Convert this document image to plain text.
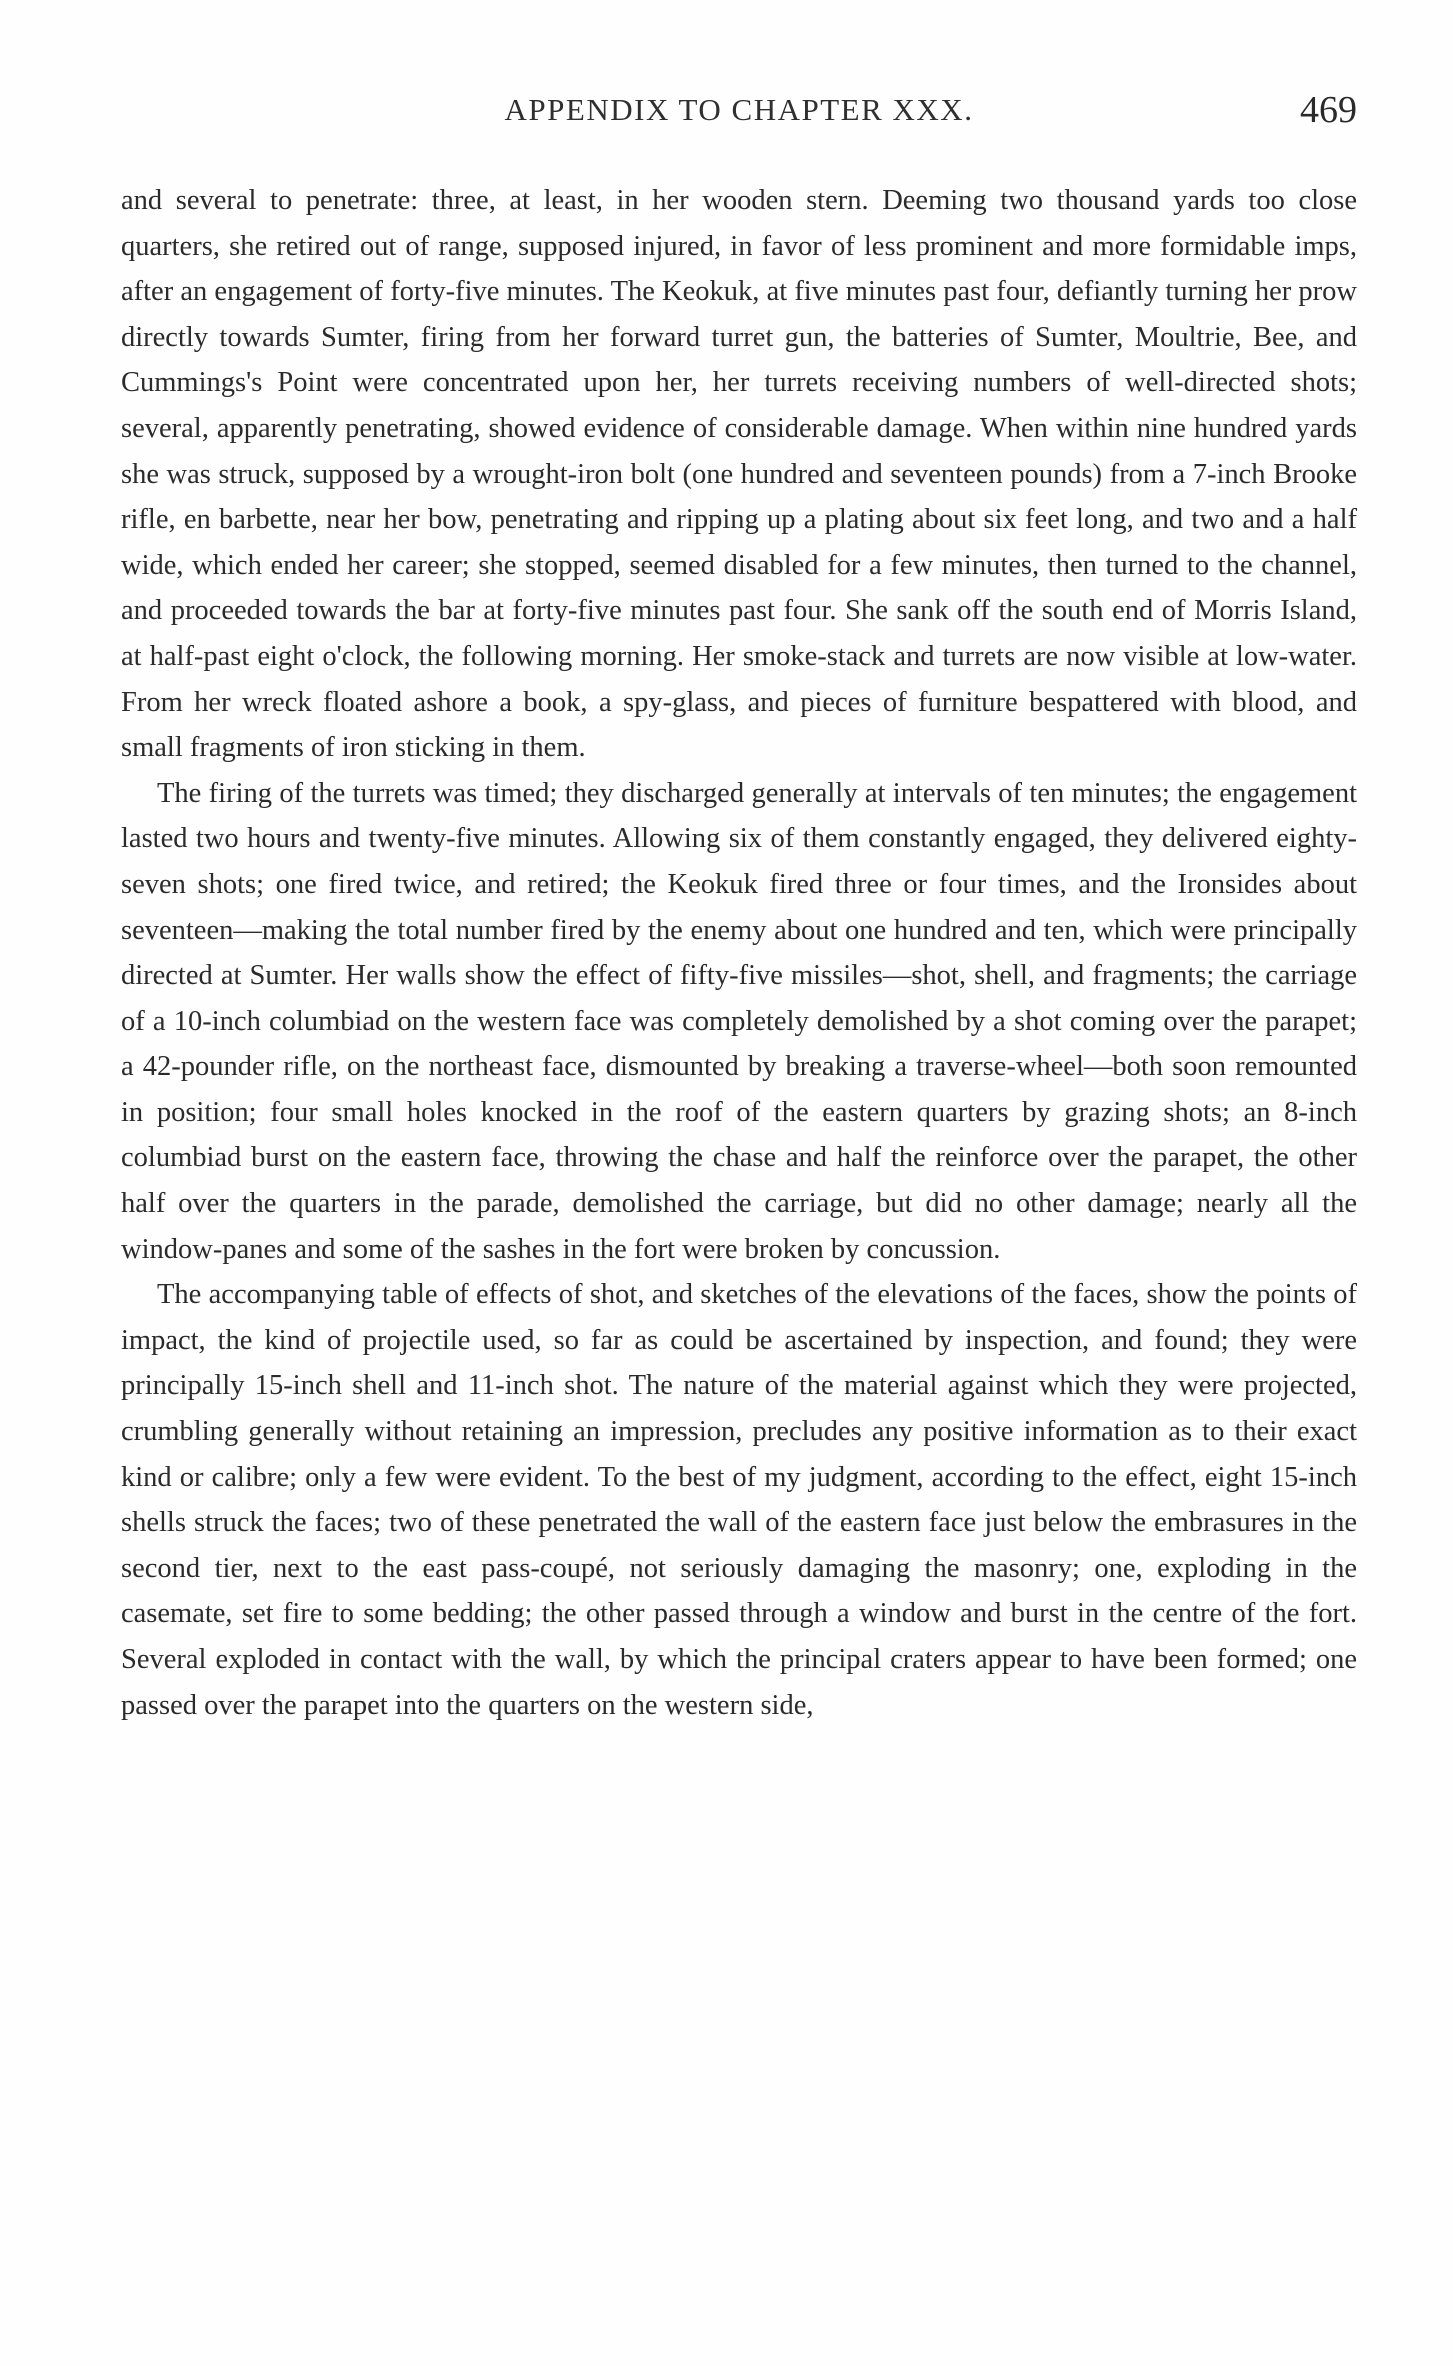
APPENDIX TO CHAPTER XXX.	469

and several to penetrate: three, at least, in her wooden stern. Deeming two thousand yards too close quarters, she retired out of range, supposed injured, in favor of less prominent and more formidable imps, after an engagement of forty-five minutes. The Keokuk, at five minutes past four, defiantly turning her prow directly towards Sumter, firing from her forward turret gun, the batteries of Sumter, Moultrie, Bee, and Cummings's Point were concentrated upon her, her turrets receiving numbers of well-directed shots; several, apparently penetrating, showed evidence of considerable damage. When within nine hundred yards she was struck, supposed by a wrought-iron bolt (one hundred and seventeen pounds) from a 7-inch Brooke rifle, en barbette, near her bow, penetrating and ripping up a plating about six feet long, and two and a half wide, which ended her career; she stopped, seemed disabled for a few minutes, then turned to the channel, and proceeded towards the bar at forty-five minutes past four. She sank off the south end of Morris Island, at half-past eight o'clock, the following morning. Her smoke-stack and turrets are now visible at low-water. From her wreck floated ashore a book, a spy-glass, and pieces of furniture bespattered with blood, and small fragments of iron sticking in them.

The firing of the turrets was timed; they discharged generally at intervals of ten minutes; the engagement lasted two hours and twenty-five minutes. Allowing six of them constantly engaged, they delivered eighty-seven shots; one fired twice, and retired; the Keokuk fired three or four times, and the Ironsides about seventeen—making the total number fired by the enemy about one hundred and ten, which were principally directed at Sumter. Her walls show the effect of fifty-five missiles—shot, shell, and fragments; the carriage of a 10-inch columbiad on the western face was completely demolished by a shot coming over the parapet; a 42-pounder rifle, on the northeast face, dismounted by breaking a traverse-wheel—both soon remounted in position; four small holes knocked in the roof of the eastern quarters by grazing shots; an 8-inch columbiad burst on the eastern face, throwing the chase and half the reinforce over the parapet, the other half over the quarters in the parade, demolished the carriage, but did no other damage; nearly all the window-panes and some of the sashes in the fort were broken by concussion.

The accompanying table of effects of shot, and sketches of the elevations of the faces, show the points of impact, the kind of projectile used, so far as could be ascertained by inspection, and found; they were principally 15-inch shell and 11-inch shot. The nature of the material against which they were projected, crumbling generally without retaining an impression, precludes any positive information as to their exact kind or calibre; only a few were evident. To the best of my judgment, according to the effect, eight 15-inch shells struck the faces; two of these penetrated the wall of the eastern face just below the embrasures in the second tier, next to the east pass-coupé, not seriously damaging the masonry; one, exploding in the casemate, set fire to some bedding; the other passed through a window and burst in the centre of the fort. Several exploded in contact with the wall, by which the principal craters appear to have been formed; one passed over the parapet into the quarters on the western side,
